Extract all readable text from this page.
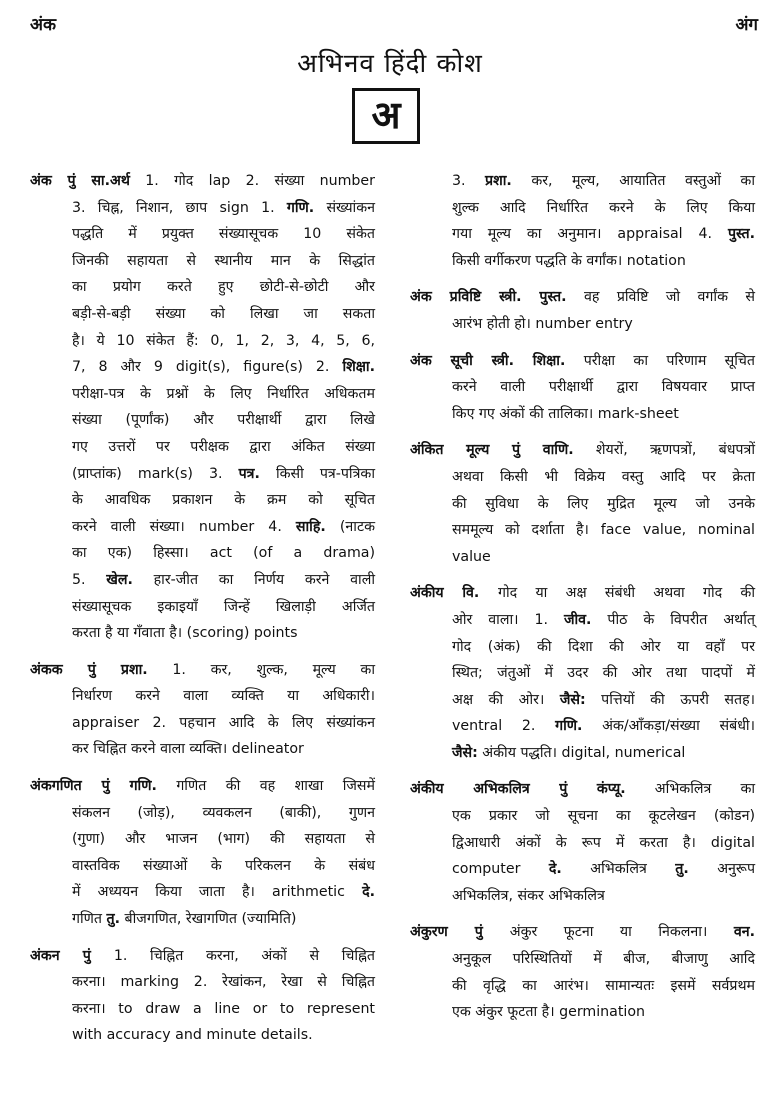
अंक	अंग
अभिनव हिंदी कोश
अ
अंक पुं सा.अर्थ 1. गोद lap 2. संख्या number
3. चिह्न, निशान, छाप sign 1. गणि. संख्यांकन
पद्धति में प्रयुक्त संख्यासूचक 10 संकेत
जिनकी सहायता से स्थानीय मान के सिद्धांत
का प्रयोग करते हुए छोटी-से-छोटी और
बड़ी-से-बड़ी संख्या को लिखा जा सकता
है। ये 10 संकेत हैं: 0, 1, 2, 3, 4, 5, 6,
7, 8 और 9 digit(s), figure(s) 2. शिक्षा.
परीक्षा-पत्र के प्रश्नों के लिए निर्धारित अधिकतम
संख्या (पूर्णांक) और परीक्षार्थी द्वारा लिखे
गए उत्तरों पर परीक्षक द्वारा अंकित संख्या
(प्राप्तांक) mark(s) 3. पत्र. किसी पत्र-पत्रिका
के आवधिक प्रकाशन के क्रम को सूचित
करने वाली संख्या। number 4. साहि. (नाटक
का एक) हिस्सा। act (of a drama)
5. खेल. हार-जीत का निर्णय करने वाली
संख्यासूचक इकाइयाँ जिन्हें खिलाड़ी अर्जित
करता है या गँवाता है। (scoring) points
अंकक पुं प्रशा. 1. कर, शुल्क, मूल्य का
निर्धारण करने वाला व्यक्ति या अधिकारी।
appraiser 2. पहचान आदि के लिए संख्यांकन
कर चिह्नित करने वाला व्यक्ति। delineator
अंकगणित पुं गणि. गणित की वह शाखा जिसमें
संकलन (जोड़), व्यवकलन (बाकी), गुणन
(गुणा) और भाजन (भाग) की सहायता से
वास्तविक संख्याओं के परिकलन के संबंध
में अध्ययन किया जाता है। arithmetic दे.
गणित तु. बीजगणित, रेखागणित (ज्यामिति)
अंकन पुं 1. चिह्नित करना, अंकों से चिह्नित
करना। marking 2. रेखांकन, रेखा से चिह्नित
करना। to draw a line or to represent
with accuracy and minute details.
3. प्रशा. कर, मूल्य, आयातित वस्तुओं का
शुल्क आदि निर्धारित करने के लिए किया
गया मूल्य का अनुमान। appraisal 4. पुस्त.
किसी वर्गीकरण पद्धति के वर्गांक। notation
अंक प्रविष्टि स्त्री. पुस्त. वह प्रविष्टि जो वर्गांक से
आरंभ होती हो। number entry
अंक सूची स्त्री. शिक्षा. परीक्षा का परिणाम सूचित
करने वाली परीक्षार्थी द्वारा विषयवार प्राप्त
किए गए अंकों की तालिका। mark-sheet
अंकित मूल्य पुं वाणि. शेयरों, ऋणपत्रों, बंधपत्रों
अथवा किसी भी विक्रेय वस्तु आदि पर क्रेता
की सुविधा के लिए मुद्रित मूल्य जो उनके
सममूल्य को दर्शाता है। face value, nominal
value
अंकीय वि. गोद या अक्ष संबंधी अथवा गोद की
ओर वाला। 1. जीव. पीठ के विपरीत अर्थात्
गोद (अंक) की दिशा की ओर या वहाँ पर
स्थित; जंतुओं में उदर की ओर तथा पादपों में
अक्ष की ओर। जैसे: पत्तियों की ऊपरी सतह।
ventral 2. गणि. अंक/आँकड़ा/संख्या संबंधी।
जैसे: अंकीय पद्धति। digital, numerical
अंकीय अभिकलित्र पुं कंप्यू. अभिकलित्र का
एक प्रकार जो सूचना का कूटलेखन (कोडन)
द्विआधारी अंकों के रूप में करता है। digital
computer दे. अभिकलित्र तु. अनुरूप
अभिकलित्र, संकर अभिकलित्र
अंकुरण पुं अंकुर फूटना या निकलना। वन.
अनुकूल परिस्थितियों में बीज, बीजाणु आदि
की वृद्धि का आरंभ। सामान्यतः इसमें सर्वप्रथम
एक अंकुर फूटता है। germination
